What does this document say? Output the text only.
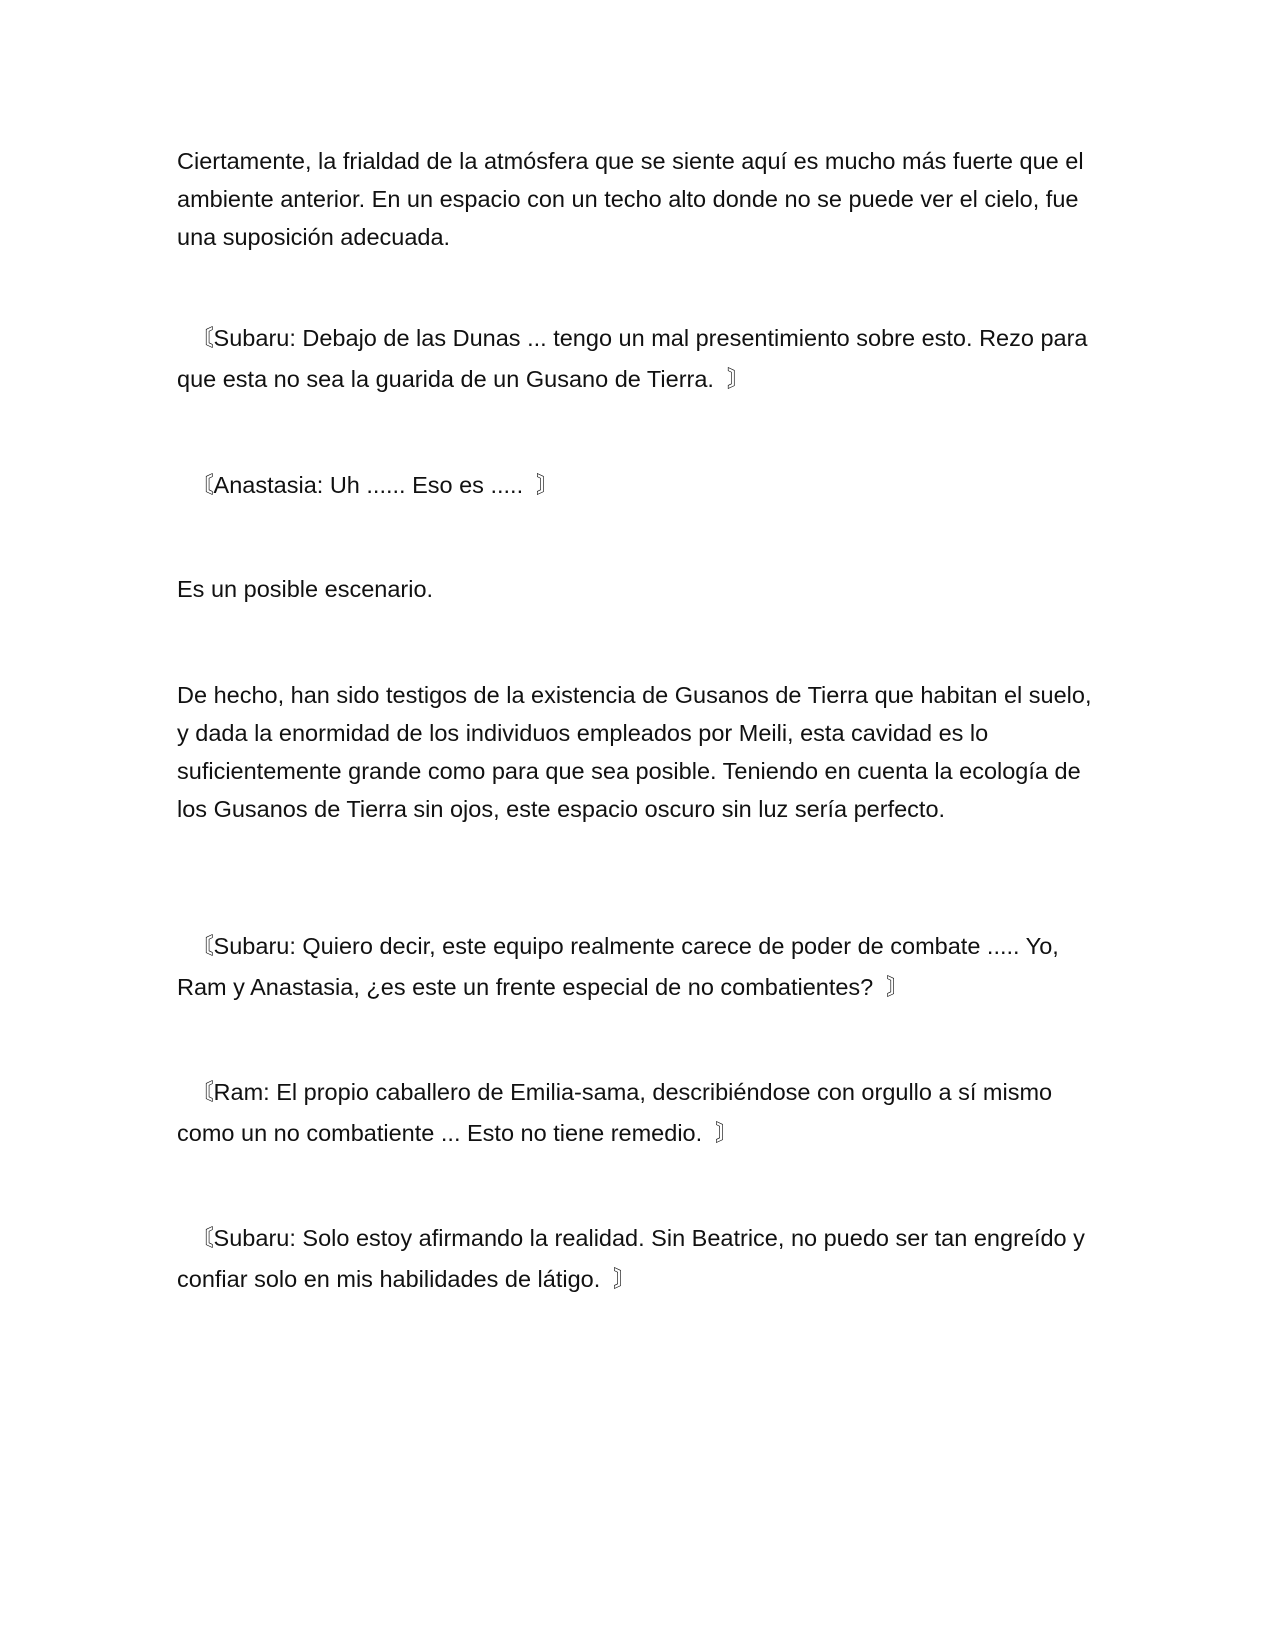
Ciertamente, la frialdad de la atmósfera que se siente aquí es mucho más fuerte que el ambiente anterior. En un espacio con un techo alto donde no se puede ver el cielo, fue una suposición adecuada.

〘Subaru: Debajo de las Dunas ... tengo un mal presentimiento sobre esto. Rezo para que esta no sea la guarida de un Gusano de Tierra.  〙

〘Anastasia: Uh ...... Eso es .....  〙

Es un posible escenario.

De hecho, han sido testigos de la existencia de Gusanos de Tierra que habitan el suelo, y dada la enormidad de los individuos empleados por Meili, esta cavidad es lo suficientemente grande como para que sea posible. Teniendo en cuenta la ecología de los Gusanos de Tierra sin ojos, este espacio oscuro sin luz sería perfecto.

〘Subaru: Quiero decir, este equipo realmente carece de poder de combate ..... Yo, Ram y Anastasia, ¿es este un frente especial de no combatientes?  〙

〘Ram: El propio caballero de Emilia-sama, describiéndose con orgullo a sí mismo como un no combatiente ... Esto no tiene remedio.  〙

〘Subaru: Solo estoy afirmando la realidad. Sin Beatrice, no puedo ser tan engreído y confiar solo en mis habilidades de látigo.  〙
